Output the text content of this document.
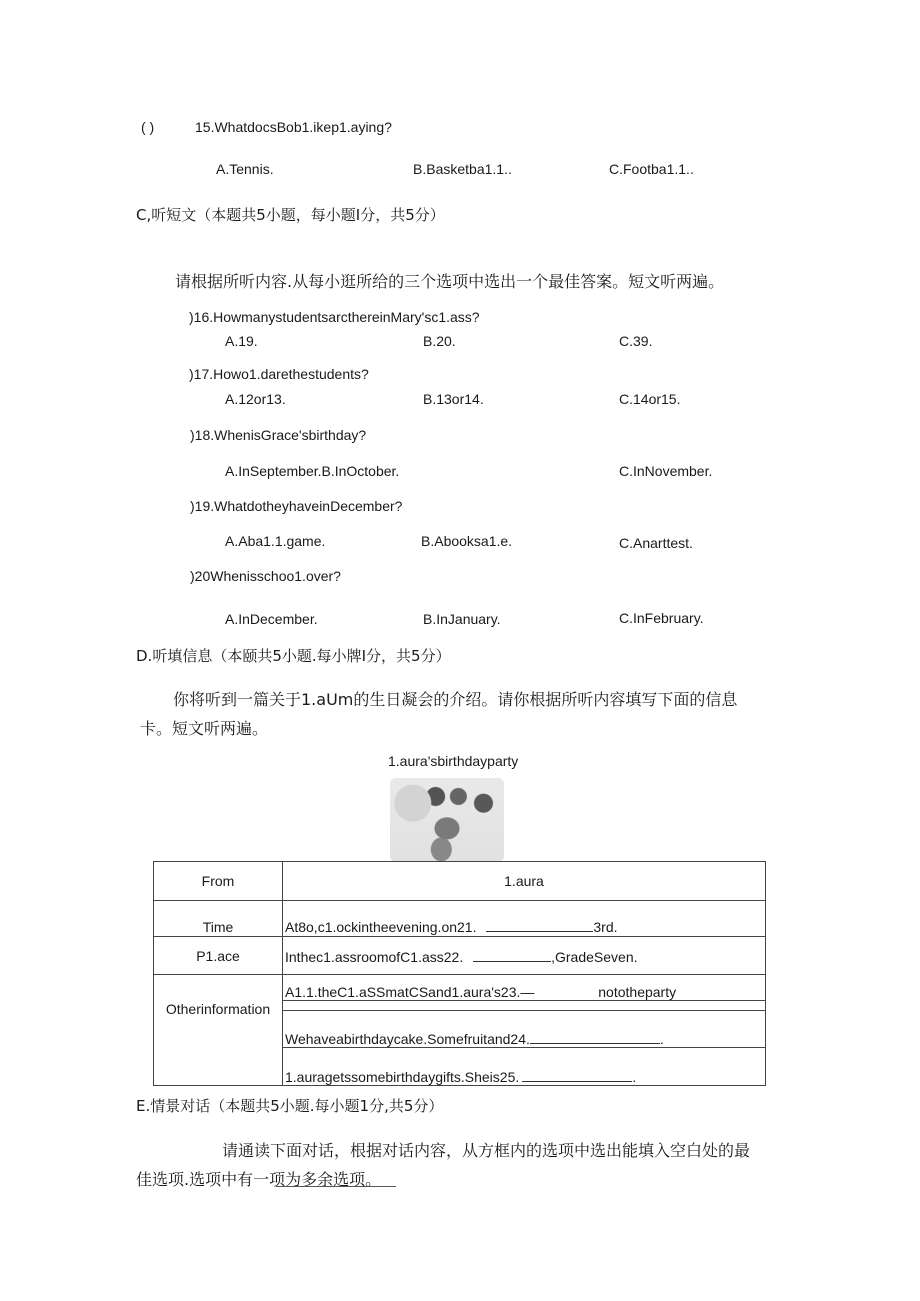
( )	15.WhatdocsBob1.ikep1.aying?
A.Tennis.	B.Basketba1.1..	C.Footba1.1..
C,听短文（本题共5小题，每小题I分，共5分）
请根据所听内容.从每小逛所给的三个选项中选出一个最佳答案。短文听两遍。
)16.HowmanystudentsarcthereinMary'sc1.ass?
A.19.	B.20.	C.39.
)17.Howo1.darethestudents?
A.12or13.	B.13or14.	C.14or15.
)18.WhenisGrace'sbirthday?
A.InSeptember.B.InOctober.	C.InNovember.
)19.WhatdotheyhaveinDecember?
A.Aba1.1.game.	B.Abooksa1.e.	C.Anarttest.
)20Whenisschoo1.over?
A.InDecember.	B.InJanuary.	C.InFebruary.
D.听填信息（本颐共5小题.每小牌I分，共5分）
你将听到一篇关于1.aUm的生日凝会的介绍。请你根据所听内容填写下面的信息
卡。短文听两遍。
1.aura'sbirthdayparty
From	1.aura
Time	At8o,c1.ockintheevening.on21. 3rd.
P1.ace	Inthec1.assroomofC1.ass22. ,GradeSeven.
Otherinformation	A1.1.theC1.aSSmatCSand1.aura's23.— nototheparty
Wehaveabirthdaycake.Somefruitand24. .
1.auragetssomebirthdaygifts.Sheis25. .
E.情景对话（本题共5小题.每小题1分,共5分）
请通读下面对话，根据对话内容，从方框内的选项中选出能填入空白处的最
佳选项.选项中有一项为多余选项。
